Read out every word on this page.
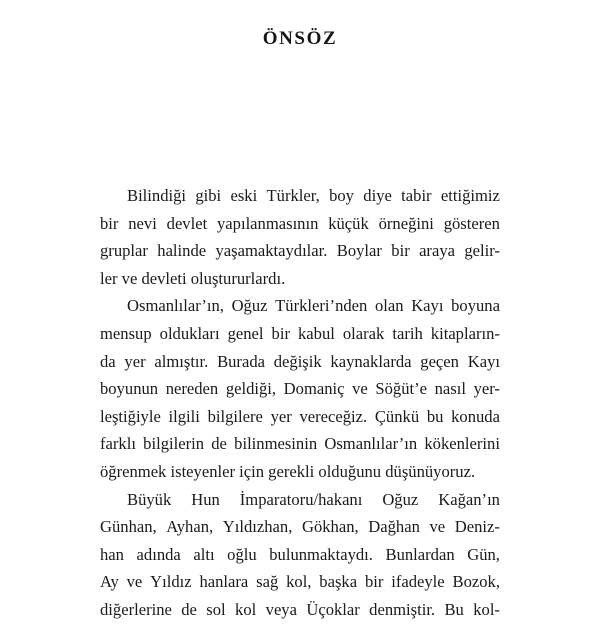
ÖNSÖZ

Bilindiği gibi eski Türkler, boy diye tabir ettiğimiz
bir nevi devlet yapılanmasının küçük örneğini gösteren
gruplar halinde yaşamaktaydılar. Boylar bir araya gelir-
ler ve devleti oluştururlardı.

Osmanlılar’ın, Oğuz Türkleri’nden olan Kayı boyuna
mensup oldukları genel bir kabul olarak tarih kitapların-
da yer almıştır. Burada değişik kaynaklarda geçen Kayı
boyunun nereden geldiği, Domaniç ve Söğüt’e nasıl yer-
leştiğiyle ilgili bilgilere yer vereceğiz. Çünkü bu konuda
farklı bilgilerin de bilinmesinin Osmanlılar’ın kökenlerini
öğrenmek isteyenler için gerekli olduğunu düşünüyoruz.

Büyük Hun İmparatoru/hakanı Oğuz Kağan’ın
Günhan, Ayhan, Yıldızhan, Gökhan, Dağhan ve Deniz-
han adında altı oğlu bulunmaktaydı. Bunlardan Gün,
Ay ve Yıldız hanlara sağ kol, başka bir ifadeyle Bozok,
diğerlerine de sol kol veya Üçoklar denmiştir. Bu kol-
